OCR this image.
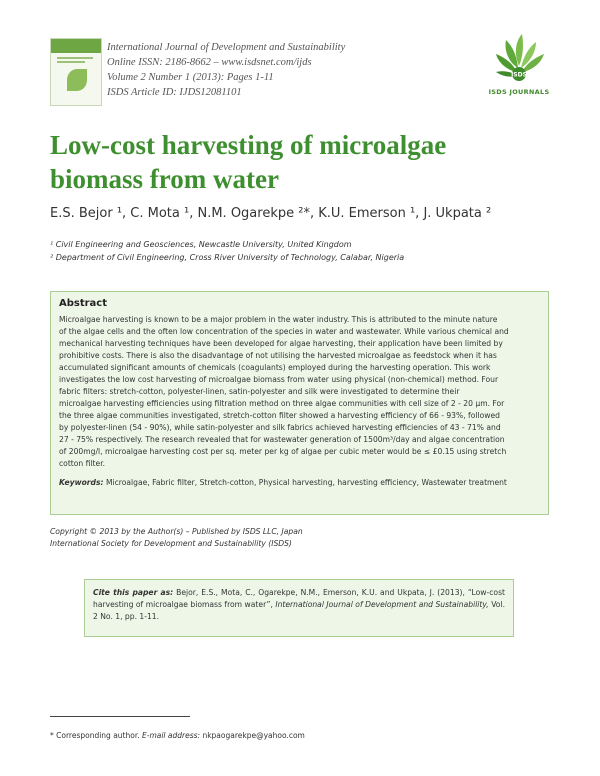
International Journal of Development and Sustainability
Online ISSN: 2186-8662 – www.isdsnet.com/ijds
Volume 2 Number 1 (2013): Pages 1-11
ISDS Article ID: IJDS12081101
ISDS
ISDS JOURNALS
Low-cost harvesting of microalgae
biomass from water
E.S. Bejor ¹, C. Mota ¹, N.M. Ogarekpe ²*, K.U. Emerson ¹, J. Ukpata ²
¹ Civil Engineering and Geosciences, Newcastle University, United Kingdom
² Department of Civil Engineering, Cross River University of Technology, Calabar, Nigeria
Abstract
Microalgae harvesting is known to be a major problem in the water industry. This is attributed to the minute nature
of the algae cells and the often low concentration of the species in water and wastewater. While various chemical and
mechanical harvesting techniques have been developed for algae harvesting, their application have been limited by
prohibitive costs. There is also the disadvantage of not utilising the harvested microalgae as feedstock when it has
accumulated significant amounts of chemicals (coagulants) employed during the harvesting operation. This work
investigates the low cost harvesting of microalgae biomass from water using physical (non-chemical) method. Four
fabric filters: stretch-cotton, polyester-linen, satin-polyester and silk were investigated to determine their
microalgae harvesting efficiencies using filtration method on three algae communities with cell size of 2 - 20 µm. For
the three algae communities investigated, stretch-cotton filter showed a harvesting efficiency of 66 - 93%, followed
by polyester-linen (54 - 90%), while satin-polyester and silk fabrics achieved harvesting efficiencies of 43 - 71% and
27 - 75% respectively. The research revealed that for wastewater generation of 1500m³/day and algae concentration
of 200mg/l, microalgae harvesting cost per sq. meter per kg of algae per cubic meter would be ≤ £0.15 using stretch
cotton filter.
Keywords: Microalgae, Fabric filter, Stretch-cotton, Physical harvesting, harvesting efficiency, Wastewater treatment
Copyright © 2013 by the Author(s) – Published by ISDS LLC, Japan
International Society for Development and Sustainability (ISDS)
Cite this paper as: Bejor, E.S., Mota, C., Ogarekpe, N.M., Emerson, K.U. and Ukpata, J. (2013), “Low-cost harvesting of microalgae biomass from water”, International Journal of Development and Sustainability, Vol. 2 No. 1, pp. 1-11.
* Corresponding author. E-mail address: nkpaogarekpe@yahoo.com
